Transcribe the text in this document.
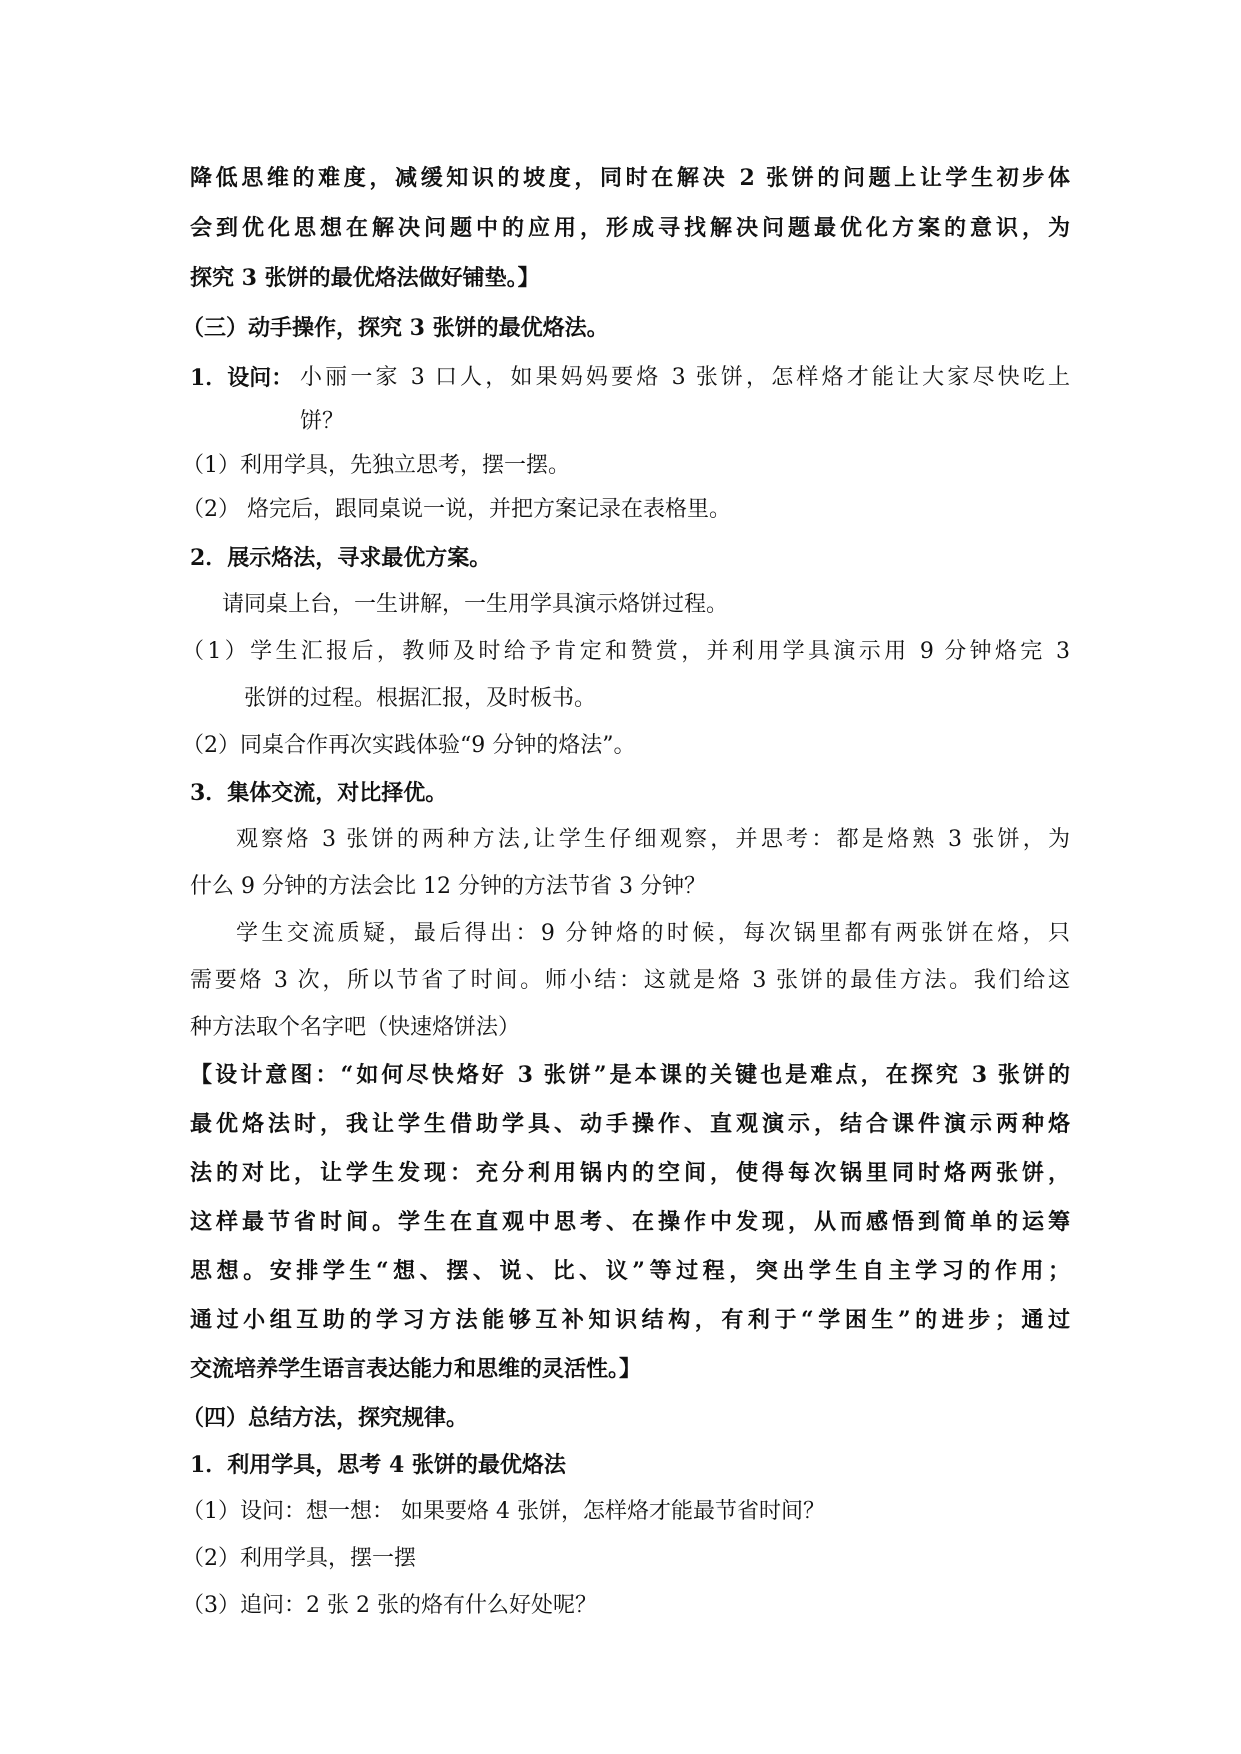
降低思维的难度，减缓知识的坡度，同时在解决 2 张饼的问题上让学生初步体
会到优化思想在解决问题中的应用，形成寻找解决问题最优化方案的意识，为
探究 3 张饼的最优烙法做好铺垫。】
（三）动手操作，探究 3 张饼的最优烙法。
1．设问： 小丽一家 3 口人，如果妈妈要烙 3 张饼，怎样烙才能让大家尽快吃上
饼？
（1）利用学具，先独立思考，摆一摆。
（2） 烙完后，跟同桌说一说，并把方案记录在表格里。
2．展示烙法，寻求最优方案。
请同桌上台，一生讲解，一生用学具演示烙饼过程。
（1）学生汇报后，教师及时给予肯定和赞赏，并利用学具演示用 9 分钟烙完 3
张饼的过程。根据汇报，及时板书。
（2）同桌合作再次实践体验“9 分钟的烙法”。
3．集体交流，对比择优。
观察烙 3 张饼的两种方法,让学生仔细观察，并思考：都是烙熟 3 张饼，为
什么 9 分钟的方法会比 12 分钟的方法节省 3 分钟？
学生交流质疑，最后得出：9 分钟烙的时候，每次锅里都有两张饼在烙，只
需要烙 3 次，所以节省了时间。师小结：这就是烙 3 张饼的最佳方法。我们给这
种方法取个名字吧（快速烙饼法）
【设计意图：“如何尽快烙好 3 张饼”是本课的关键也是难点，在探究 3 张饼的
最优烙法时，我让学生借助学具、动手操作、直观演示，结合课件演示两种烙
法的对比，让学生发现：充分利用锅内的空间，使得每次锅里同时烙两张饼，
这样最节省时间。学生在直观中思考、在操作中发现，从而感悟到简单的运筹
思想。安排学生“想、摆、说、比、议”等过程，突出学生自主学习的作用；
通过小组互助的学习方法能够互补知识结构，有利于“学困生”的进步；通过
交流培养学生语言表达能力和思维的灵活性。】
（四）总结方法，探究规律。
1．利用学具，思考 4 张饼的最优烙法
（1）设问：想一想： 如果要烙 4 张饼，怎样烙才能最节省时间？
（2）利用学具，摆一摆
（3）追问：2 张 2 张的烙有什么好处呢？
